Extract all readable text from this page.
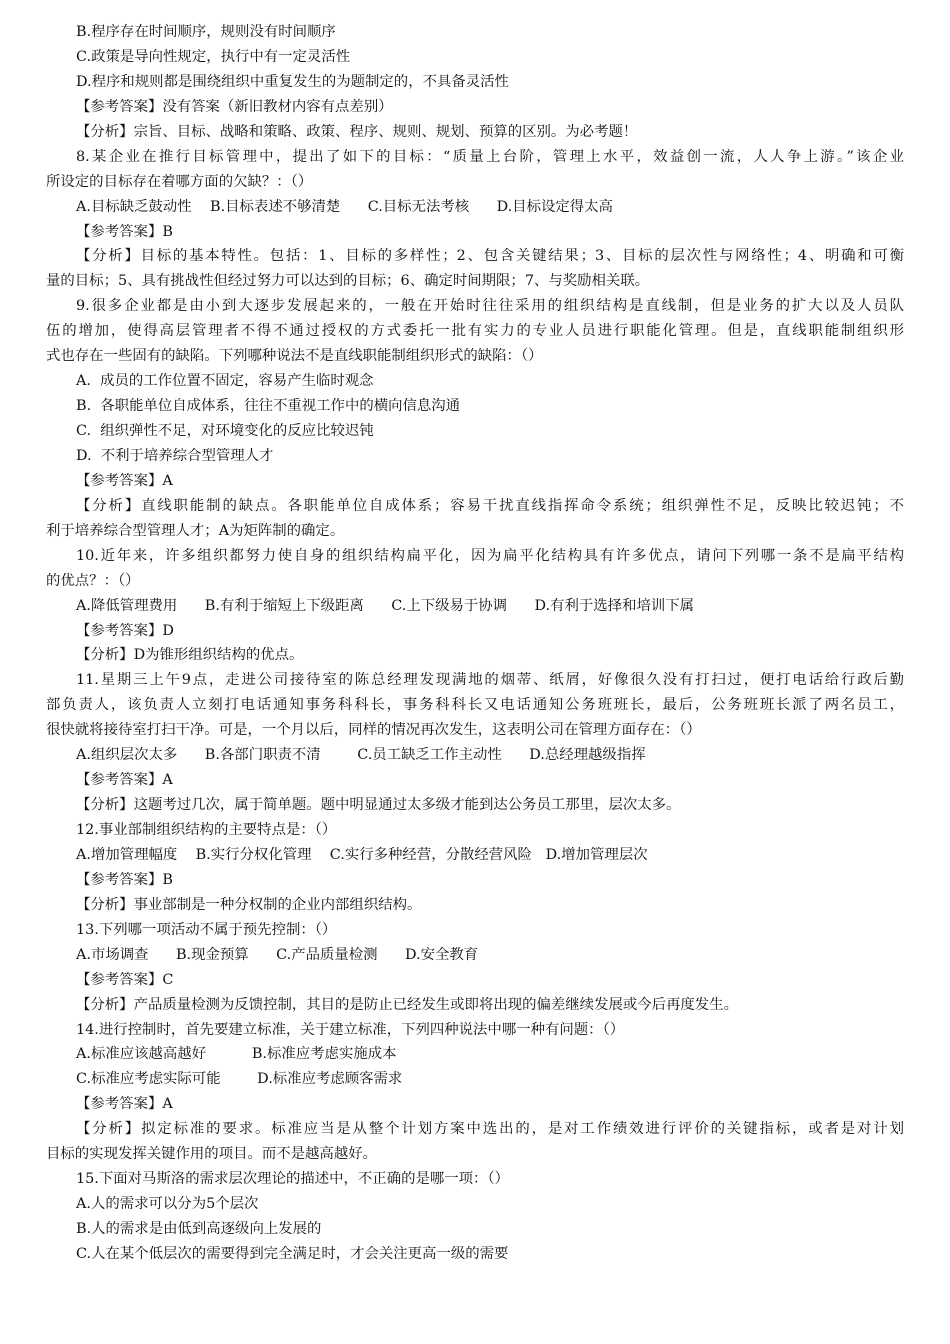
B.程序存在时间顺序，规则没有时间顺序
C.政策是导向性规定，执行中有一定灵活性
D.程序和规则都是围绕组织中重复发生的为题制定的，不具备灵活性
【参考答案】没有答案（新旧教材内容有点差别）
【分析】宗旨、目标、战略和策略、政策、程序、规则、规划、预算的区别。为必考题！
8.某企业在推行目标管理中，提出了如下的目标：“质量上台阶，管理上水平，效益创一流，人人争上游。”该企业
所设定的目标存在着哪方面的欠缺？：（）
A.目标缺乏鼓动性    B.目标表述不够清楚      C.目标无法考核      D.目标设定得太高
【参考答案】B
【分析】目标的基本特性。包括：1、目标的多样性；2、包含关键结果；3、目标的层次性与网络性；4、明确和可衡
量的目标；5、具有挑战性但经过努力可以达到的目标；6、确定时间期限；7、与奖励相关联。
9.很多企业都是由小到大逐步发展起来的，一般在开始时往往采用的组织结构是直线制，但是业务的扩大以及人员队
伍的增加，使得高层管理者不得不通过授权的方式委托一批有实力的专业人员进行职能化管理。但是，直线职能制组织形
式也存在一些固有的缺陷。下列哪种说法不是直线职能制组织形式的缺陷：（）
A.  成员的工作位置不固定，容易产生临时观念
B.  各职能单位自成体系，往往不重视工作中的横向信息沟通
C.  组织弹性不足，对环境变化的反应比较迟钝
D.  不利于培养综合型管理人才
【参考答案】A
【分析】直线职能制的缺点。各职能单位自成体系；容易干扰直线指挥命令系统；组织弹性不足，反映比较迟钝；不
利于培养综合型管理人才；A为矩阵制的确定。
10.近年来，许多组织都努力使自身的组织结构扁平化，因为扁平化结构具有许多优点，请问下列哪一条不是扁平结构
的优点？：（）
A.降低管理费用      B.有利于缩短上下级距离      C.上下级易于协调      D.有利于选择和培训下属
【参考答案】D
【分析】D为锥形组织结构的优点。
11.星期三上午9点，走进公司接待室的陈总经理发现满地的烟蒂、纸屑，好像很久没有打扫过，便打电话给行政后勤
部负责人，该负责人立刻打电话通知事务科科长，事务科科长又电话通知公务班班长，最后，公务班班长派了两名员工，
很快就将接待室打扫干净。可是，一个月以后，同样的情况再次发生，这表明公司在管理方面存在：（）
A.组织层次太多      B.各部门职责不清        C.员工缺乏工作主动性      D.总经理越级指挥
【参考答案】A
【分析】这题考过几次，属于简单题。题中明显通过太多级才能到达公务员工那里，层次太多。
12.事业部制组织结构的主要特点是：（）
A.增加管理幅度    B.实行分权化管理    C.实行多种经营，分散经营风险   D.增加管理层次
【参考答案】B
【分析】事业部制是一种分权制的企业内部组织结构。
13.下列哪一项活动不属于预先控制：（）
A.市场调查      B.现金预算      C.产品质量检测      D.安全教育
【参考答案】C
【分析】产品质量检测为反馈控制，其目的是防止已经发生或即将出现的偏差继续发展或今后再度发生。
14.进行控制时，首先要建立标准，关于建立标准，下列四种说法中哪一种有问题：（）
A.标准应该越高越好          B.标准应考虑实施成本
C.标准应考虑实际可能        D.标准应考虑顾客需求
【参考答案】A
【分析】拟定标准的要求。标准应当是从整个计划方案中选出的，是对工作绩效进行评价的关键指标，或者是对计划
目标的实现发挥关键作用的项目。而不是越高越好。
15.下面对马斯洛的需求层次理论的描述中，不正确的是哪一项：（）
A.人的需求可以分为5个层次
B.人的需求是由低到高逐级向上发展的
C.人在某个低层次的需要得到完全满足时，才会关注更高一级的需要
